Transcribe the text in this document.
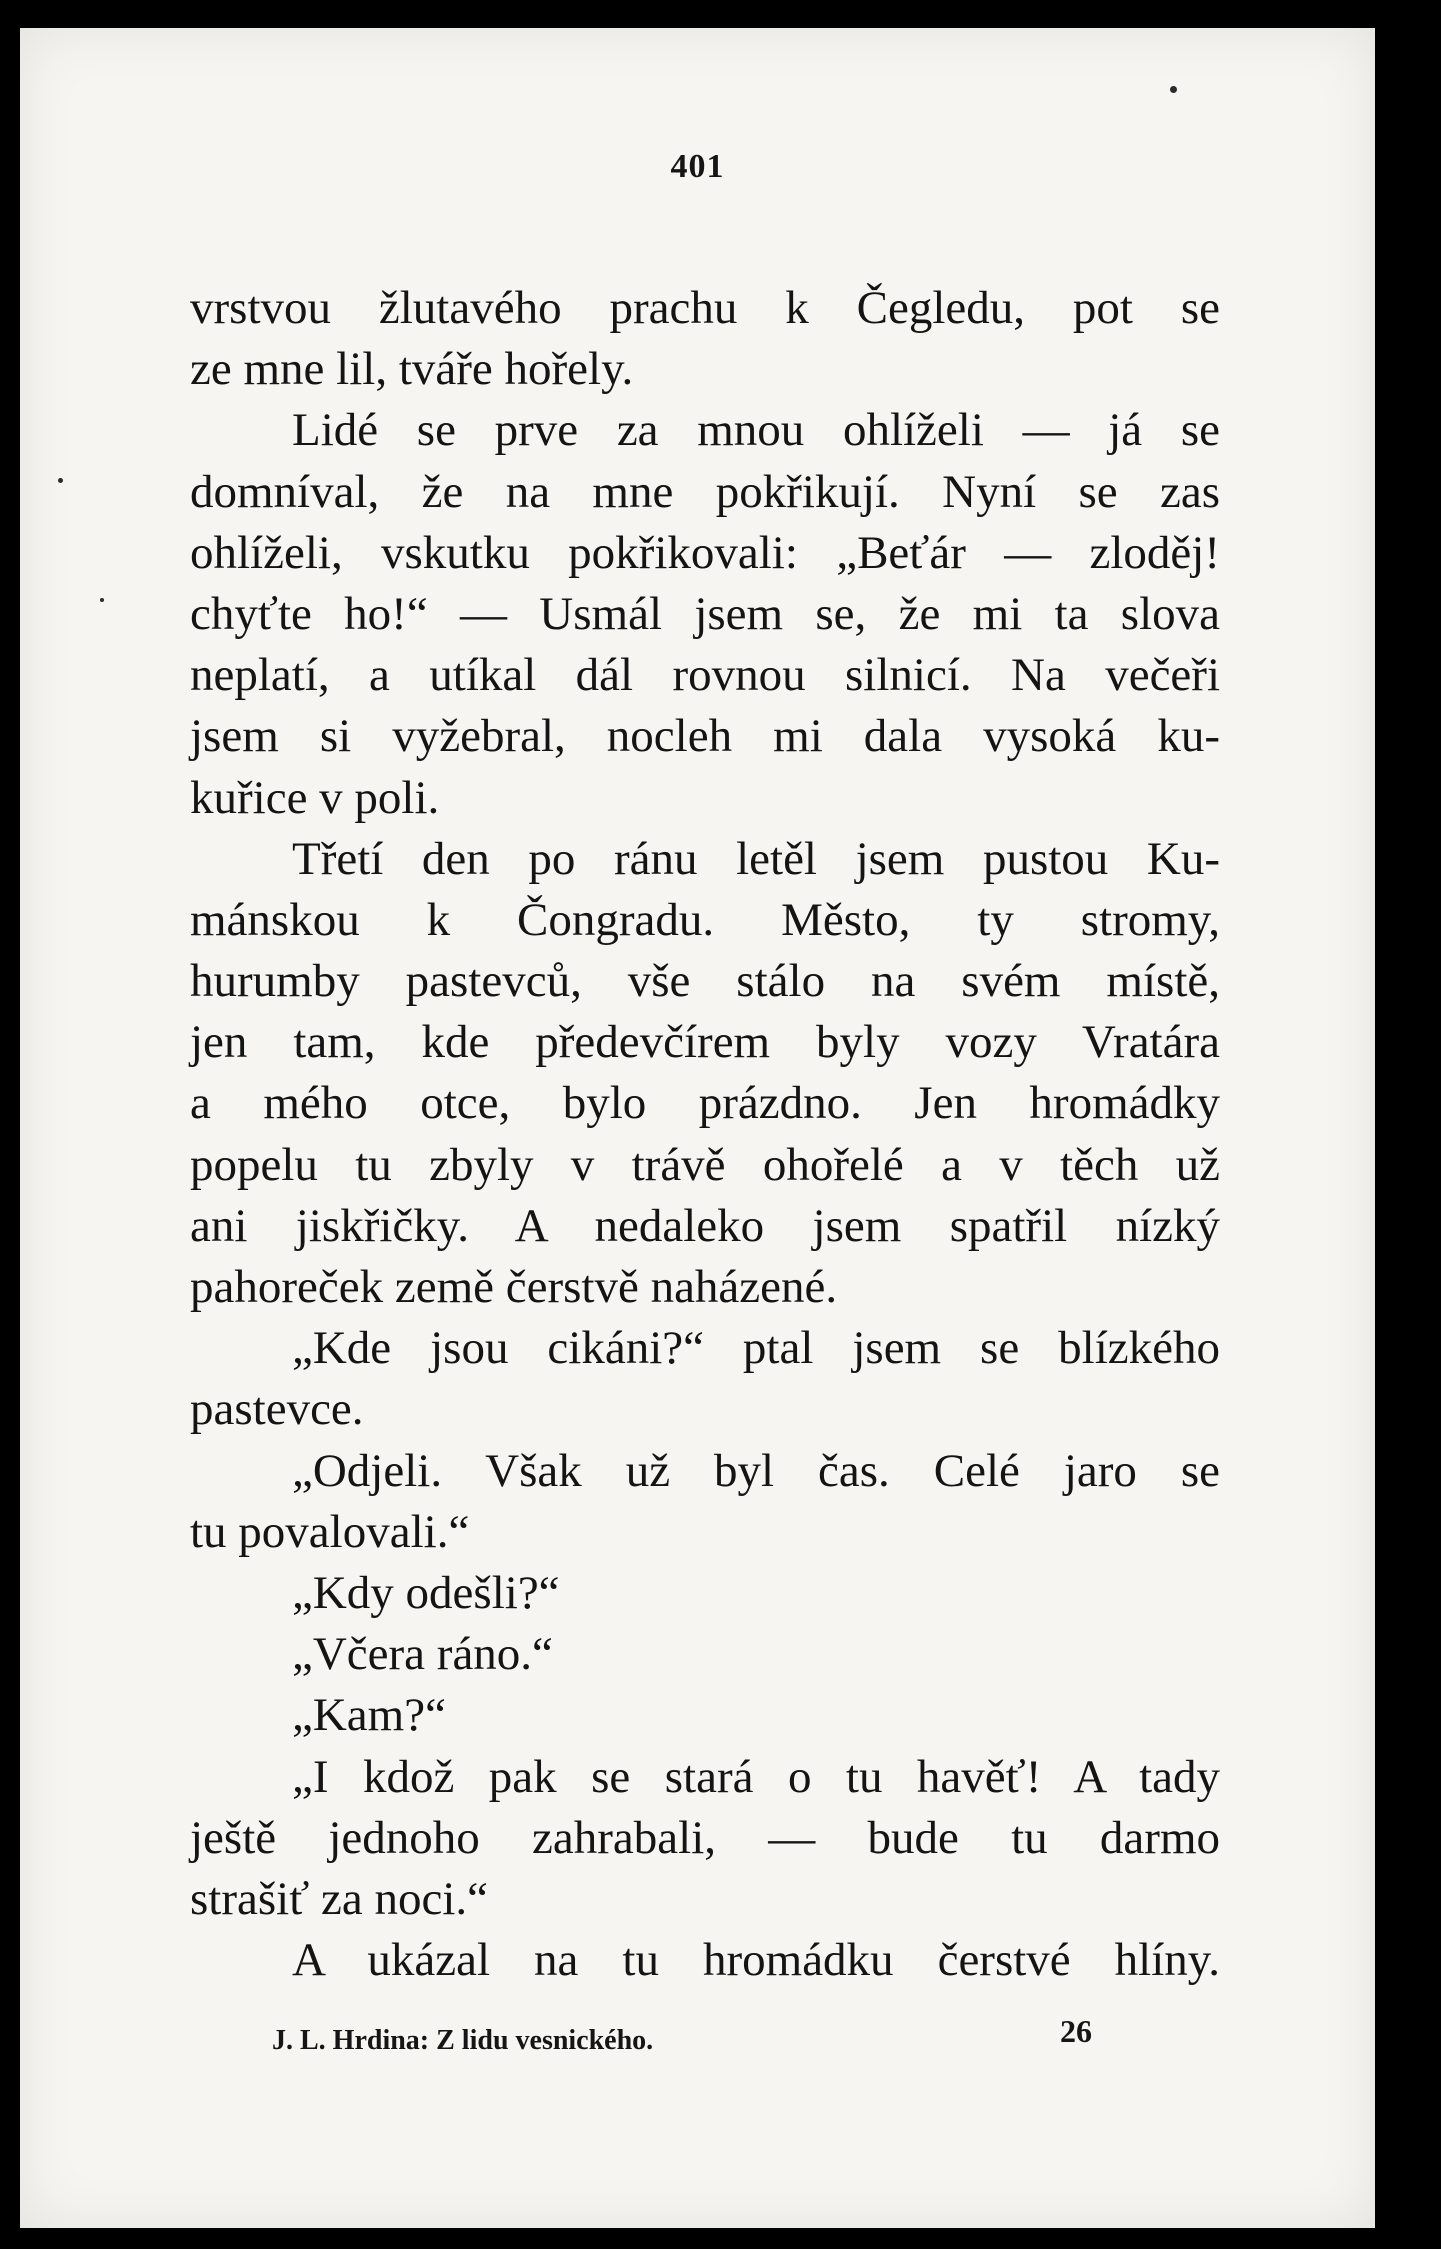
401
vrstvou žlutavého prachu k Čegledu, pot se
ze mne lil, tváře hořely.
Lidé se prve za mnou ohlíželi — já se
domníval, že na mne pokřikují. Nyní se zas
ohlíželi, vskutku pokřikovali: „Beťár — zloděj!
chyťte ho!“ — Usmál jsem se, že mi ta slova
neplatí, a utíkal dál rovnou silnicí. Na večeři
jsem si vyžebral, nocleh mi dala vysoká ku-
kuřice v poli.
Třetí den po ránu letěl jsem pustou Ku-
mánskou k Čongradu. Město, ty stromy,
hurumby pastevců, vše stálo na svém místě,
jen tam, kde předevčírem byly vozy Vratára
a mého otce, bylo prázdno. Jen hromádky
popelu tu zbyly v trávě ohořelé a v těch už
ani jiskřičky. A nedaleko jsem spatřil nízký
pahoreček země čerstvě naházené.
„Kde jsou cikáni?“ ptal jsem se blízkého
pastevce.
„Odjeli. Však už byl čas. Celé jaro se
tu povalovali.“
„Kdy odešli?“
„Včera ráno.“
„Kam?“
„I kdož pak se stará o tu havěť! A tady
ještě jednoho zahrabali, — bude tu darmo
strašiť za noci.“
A ukázal na tu hromádku čerstvé hlíny.
J. L. Hrdina: Z lidu vesnického.	26
